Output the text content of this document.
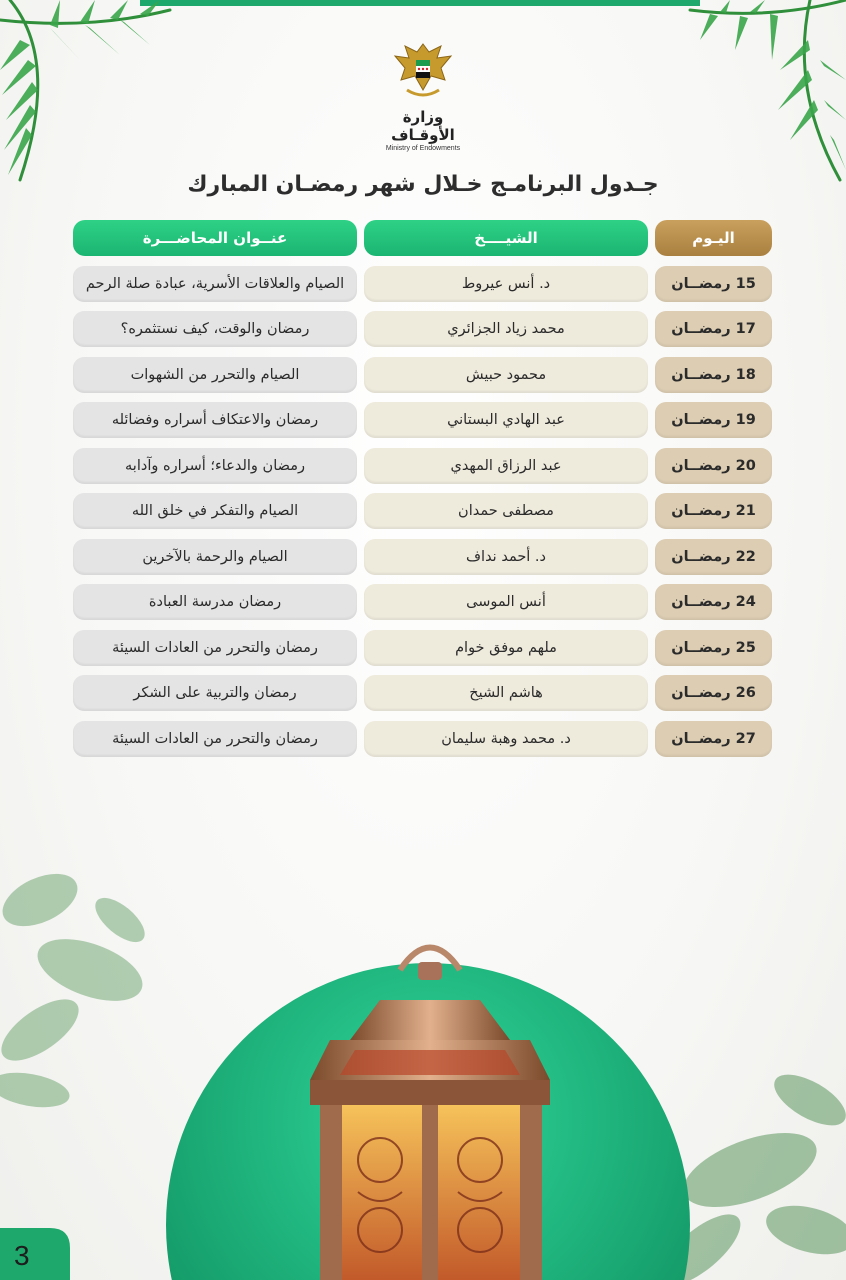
وزارة الأوقـاف
Ministry of Endowments
جـدول البرنامـج خـلال شهر رمضـان المبارك
عنــوان المحاضـــرة	الشيــــخ	اليـوم
الصيام والعلاقات الأسرية، عبادة صلة الرحم	د. أنس عيروط	15 رمضــان
رمضان والوقت، كيف نستثمره؟	محمد زياد الجزائري	17 رمضــان
الصيام والتحرر من الشهوات	محمود حبيش	18 رمضــان
رمضان والاعتكاف أسراره وفضائله	عبد الهادي البستاني	19 رمضــان
رمضان والدعاء؛ أسراره وآدابه	عبد الرزاق المهدي	20 رمضــان
الصيام والتفكر في خلق الله	مصطفى حمدان	21 رمضــان
الصيام والرحمة بالآخرين	د. أحمد نداف	22 رمضــان
رمضان مدرسة العبادة	أنس الموسى	24 رمضــان
رمضان والتحرر من العادات السيئة	ملهم موفق خوام	25 رمضــان
رمضان والتربية على الشكر	هاشم الشيخ	26 رمضــان
رمضان والتحرر من العادات السيئة	د. محمد وهبة سليمان	27 رمضــان
3
